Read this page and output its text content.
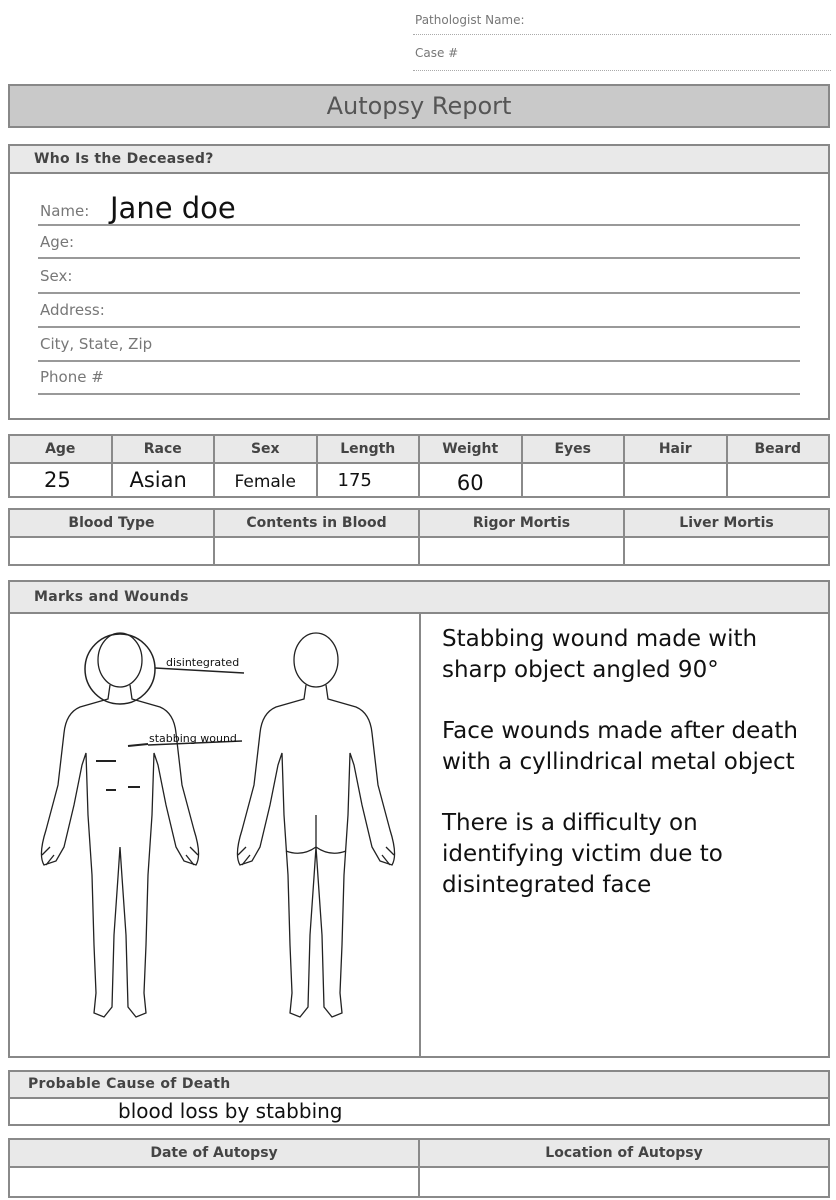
Pathologist Name:
Case #
Autopsy Report
Who Is the Deceased?
Name: Jane doe
Age:
Sex:
Address:
City, State, Zip
Phone #
Age	Race	Sex	Length	Weight	Eyes	Hair	Beard
25	Asian	Female	175	60			
Blood Type	Contents in Blood	Rigor Mortis	Liver Mortis

Marks and Wounds
disintegrated
stabbing wound

Stabbing wound made with sharp object angled 90°

Face wounds made after death with a cyllindrical metal object

There is a difficulty on identifying victim due to disintegrated face

Probable Cause of Death
blood loss by stabbing
Date of Autopsy	Location of Autopsy
